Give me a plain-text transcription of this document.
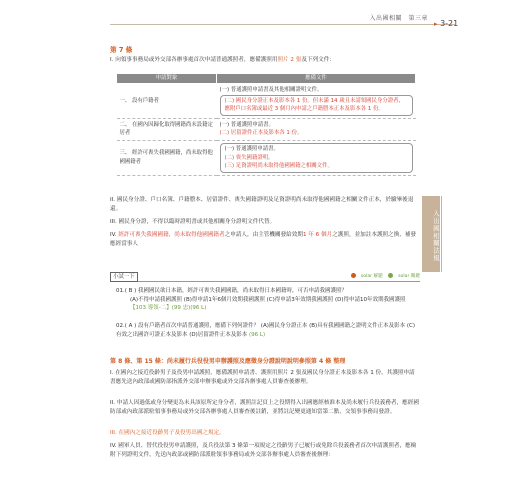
入出國相關　第三章
▸ 3-21
入出國相關法規
第 7 條
I. 向領事事務局或外交部各辦事處首次申請普通護照者，應備護照用照片 2 張及下列文件：
申請對象	應備文件
一、 設有戶籍者	(一) 普通護照申請書及其他相關證明文件。
(二) 國民身分證正本及影本各 1 份。但未滿 14 歲且未請領國民身分證者，應附戶口名簿或最近 3 個月內申請之戶籍謄本正本及影本各 1 份。

二、 在國內因歸化取得國籍尚未設籍定居者	(一) 普通護照申請書。
(二) 居留證件正本及影本各 1 份。

三、 經許可喪失我國國籍，尚未取得他國國籍者	(一) 普通護照申請書。
(二) 喪失國籍證明。
(三) 足資證明尚未取得他國國籍之相關文件。
II. 國民身分證、戶口名簿、戶籍謄本、居留證件、喪失國籍證明及足資證明尚未取得他國國籍之相關文件正本，於驗畢後退還。
III. 國民身分證，不得以臨時證明書或其他相關身分證明文件代替。
IV. 經許可喪失我國國籍，尚未取得他國國籍者之申請人，由主管機關發給效期1 年 6 個月之護照，並加註本護照之換、補發應經當事人
小試一下	solar 解題	solar 關鍵
01.( B ) 我國國民欲日本籍，經許可喪失我國國籍，尚未取得日本國籍時，可否申請我國護照？
(A)不得申請我國護照 (B)得申請1年6個月效期我國護照 (C)得申請3年效期我國護照 (D)得申請10年效期我國護照 【103 導領-二】(99 忠)(96 L)
02.( A ) 設有戶籍者首次申請普通護照，應備下列何證件？ (A)國民身分證正本 (B)具有我國國籍之證明文件正本及影本 (C)有效之出國許可證正本及影本 (D)居留證件正本及影本 (96 L)
第 8 條、第 15 條：尚未履行兵役役男申辦護照及應徵身分證說明說明參照第 4 條 整理
I. 在國內之接近役齡男子及役男申請護照，應備護照申請書、護照用照片 2 張及國民身分證正本及影本各 1 份。其護照申請書應先送內政部或國防部指派外交部申辦事處或外交部各辦事處人員審查後辦理。
II. 申請人因過低或身分變更為未具該原所定身分者，護照註記頁上之役期得入出國應經核准本及尚未履行兵役義務者，應經國防部或內政部派駐領事事務局或外交部各辦事處人員審查後註銷，並將註記變更通知當第二點，交領事事務局發證。
III. 在國內之接近役齡男子及役男出國之規定。
IV. 國軍人員、替代役役男申請護照，及兵役法第 3 條第一項規定之役齡男子已履行或免除兵役義務者首次申請護照者，應檢附下列證明文件，先送內政部或國防部派駐領事事務局或外交部各辦事處人員審查後辦理：
